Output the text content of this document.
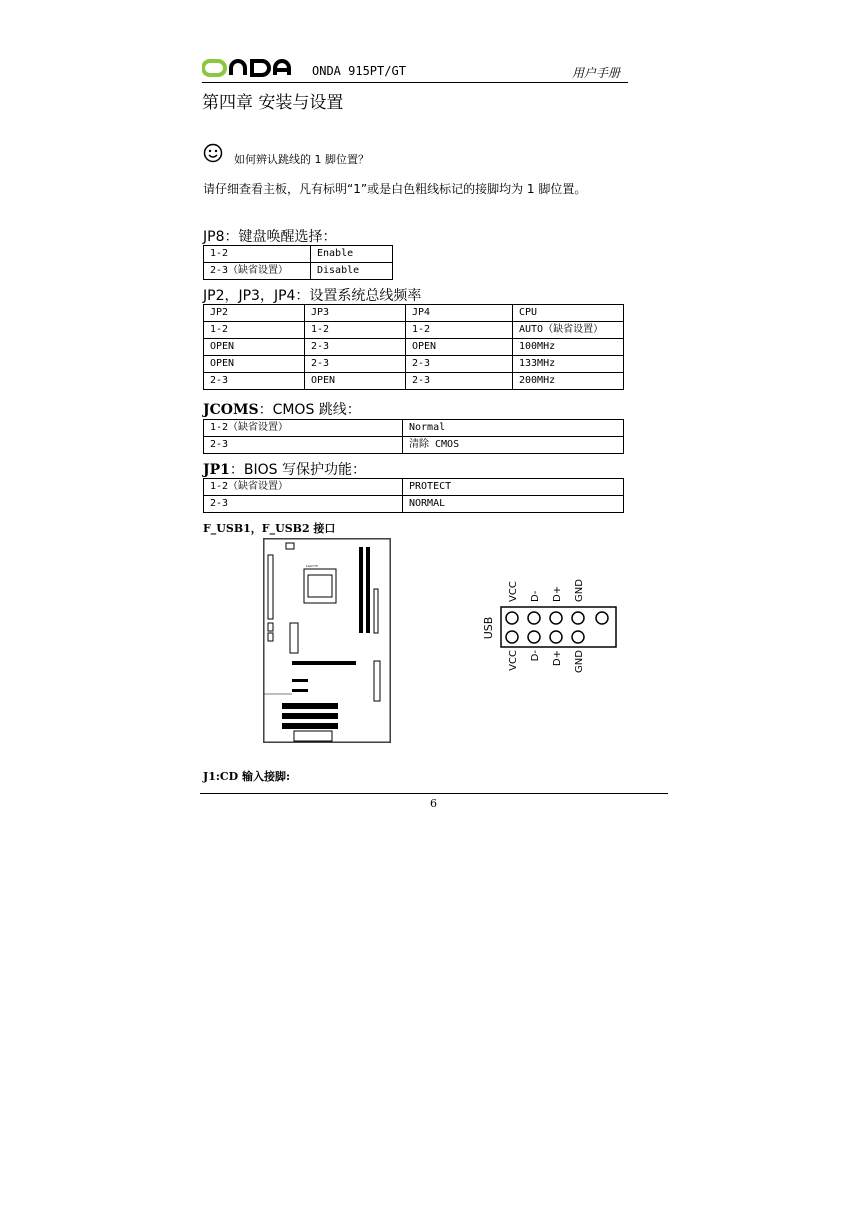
ONDA 915PT/GT	用户手册
第四章 安装与设置
如何辨认跳线的 1 脚位置？
请仔细查看主板，凡有标明“1”或是白色粗线标记的接脚均为 1 脚位置。
JP8：键盘唤醒选择：
1-2	Enable
2-3（缺省设置）	Disable
JP2，JP3，JP4：设置系统总线频率
JP2	JP3	JP4	CPU
1-2	1-2	1-2	AUTO（缺省设置）
OPEN	2-3	OPEN	100MHz
OPEN	2-3	2-3	133MHz
2-3	OPEN	2-3	200MHz
JCOMS：CMOS 跳线：
1-2（缺省设置）	Normal
2-3	清除 CMOS
JP1：BIOS 写保护功能：
1-2（缺省设置）	PROTECT
2-3	NORMAL
F_USB1，F_USB2 接口
LGA775
USB
VCC D- D+ GND
VCC D- D+ GND
J1:CD 输入接脚:
6
